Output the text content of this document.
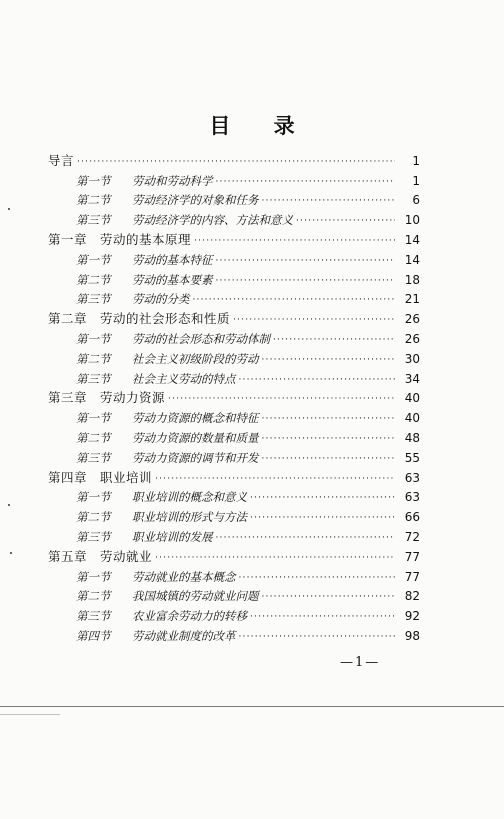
目 录
导言 ·····	1
第一节	劳动和劳动科学 ·····	1
第二节	劳动经济学的对象和任务 ·····	6
第三节	劳动经济学的内容、方法和意义 ·····	10
第一章　劳动的基本原理 ·····	14
第一节	劳动的基本特征 ·····	14
第二节	劳动的基本要素 ·····	18
第三节	劳动的分类 ·····	21
第二章　劳动的社会形态和性质 ·····	26
第一节	劳动的社会形态和劳动体制 ·····	26
第二节	社会主义初级阶段的劳动 ·····	30
第三节	社会主义劳动的特点 ·····	34
第三章　劳动力资源 ·····	40
第一节	劳动力资源的概念和特征 ·····	40
第二节	劳动力资源的数量和质量 ·····	48
第三节	劳动力资源的调节和开发 ·····	55
第四章　职业培训 ·····	63
第一节	职业培训的概念和意义 ·····	63
第二节	职业培训的形式与方法 ·····	66
第三节	职业培训的发展 ·····	72
第五章　劳动就业 ·····	77
第一节	劳动就业的基本概念 ·····	77
第二节	我国城镇的劳动就业问题 ·····	82
第三节	农业富余劳动力的转移 ·····	92
第四节	劳动就业制度的改革 ·····	98
—1—
